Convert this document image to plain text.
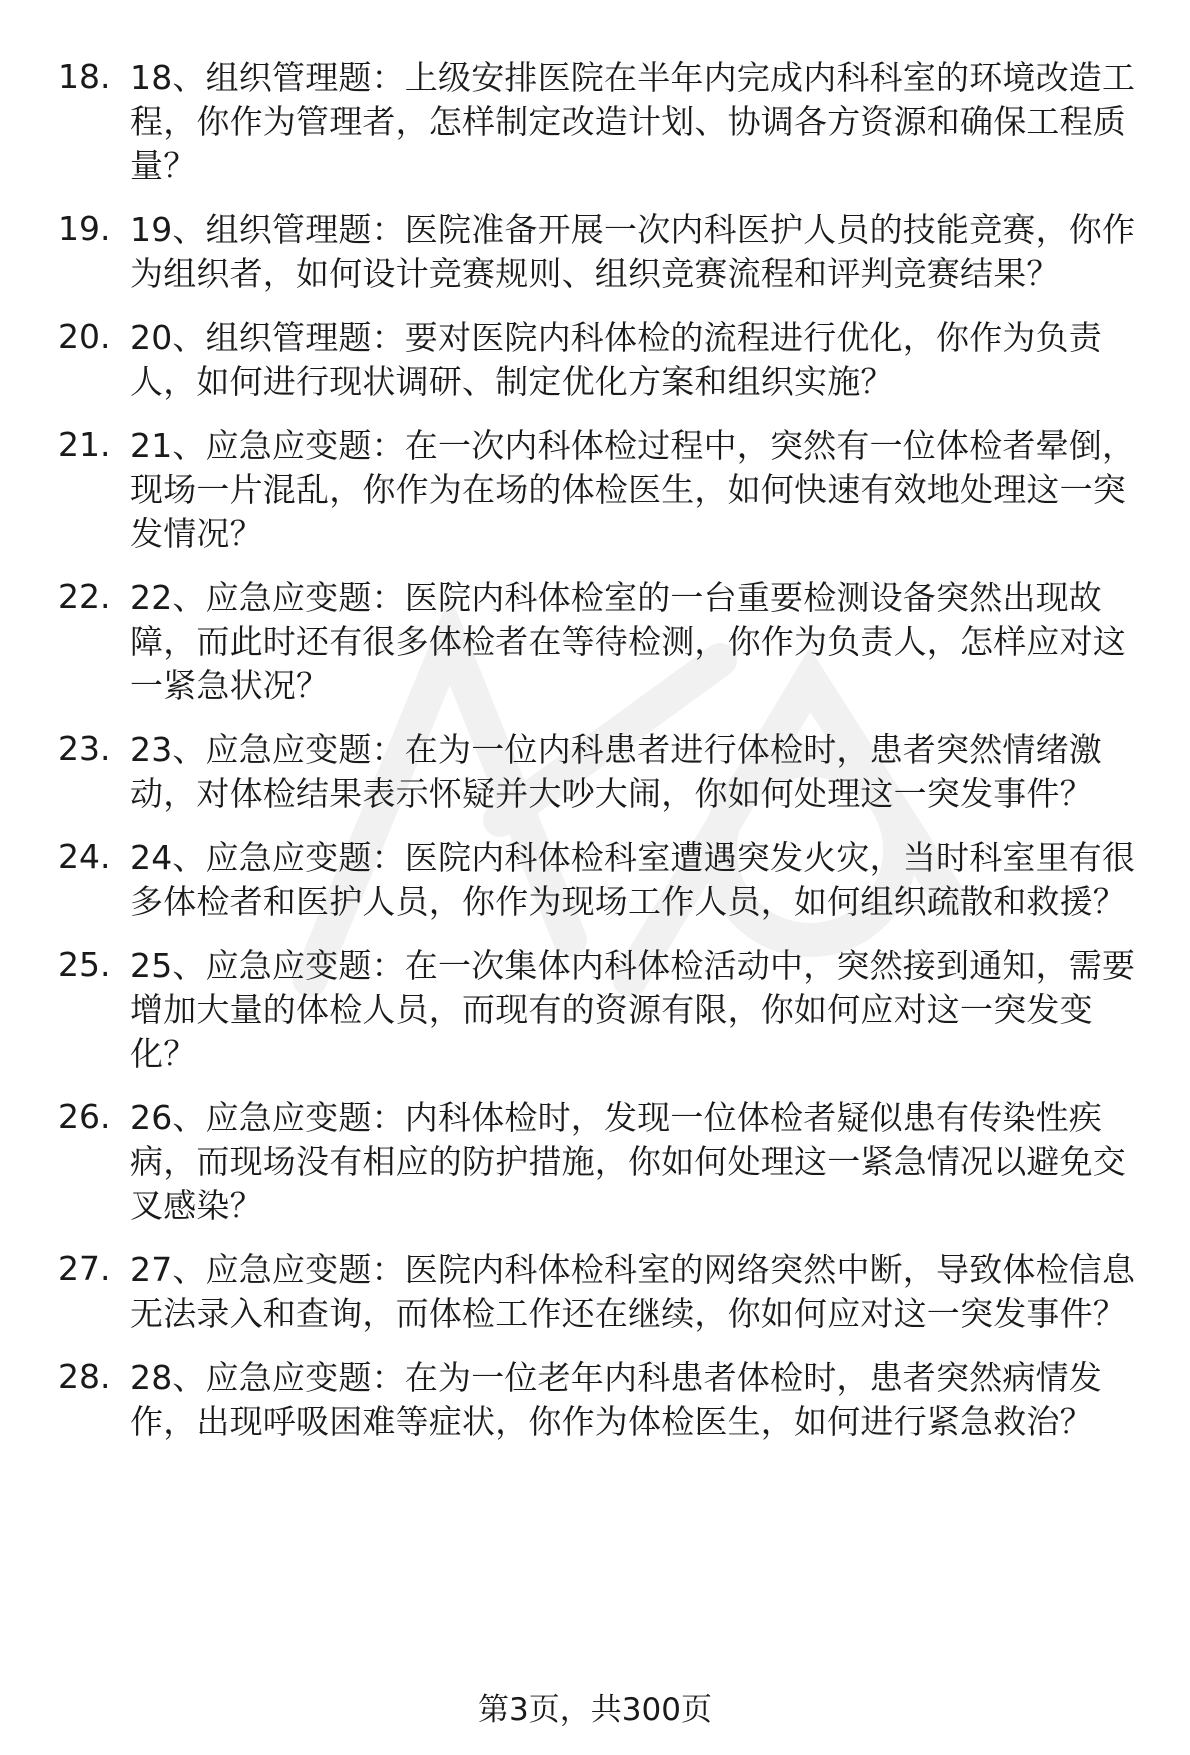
18. 18、组织管理题：上级安排医院在半年内完成内科科室的环境改造工程，你作为管理者，怎样制定改造计划、协调各方资源和确保工程质量？
19. 19、组织管理题：医院准备开展一次内科医护人员的技能竞赛，你作为组织者，如何设计竞赛规则、组织竞赛流程和评判竞赛结果？
20. 20、组织管理题：要对医院内科体检的流程进行优化，你作为负责人，如何进行现状调研、制定优化方案和组织实施？
21. 21、应急应变题：在一次内科体检过程中，突然有一位体检者晕倒，现场一片混乱，你作为在场的体检医生，如何快速有效地处理这一突发情况？
22. 22、应急应变题：医院内科体检室的一台重要检测设备突然出现故障，而此时还有很多体检者在等待检测，你作为负责人，怎样应对这一紧急状况？
23. 23、应急应变题：在为一位内科患者进行体检时，患者突然情绪激动，对体检结果表示怀疑并大吵大闹，你如何处理这一突发事件？
24. 24、应急应变题：医院内科体检科室遭遇突发火灾，当时科室里有很多体检者和医护人员，你作为现场工作人员，如何组织疏散和救援？
25. 25、应急应变题：在一次集体内科体检活动中，突然接到通知，需要增加大量的体检人员，而现有的资源有限，你如何应对这一突发变化？
26. 26、应急应变题：内科体检时，发现一位体检者疑似患有传染性疾病，而现场没有相应的防护措施，你如何处理这一紧急情况以避免交叉感染？
27. 27、应急应变题：医院内科体检科室的网络突然中断，导致体检信息无法录入和查询，而体检工作还在继续，你如何应对这一突发事件？
28. 28、应急应变题：在为一位老年内科患者体检时，患者突然病情发作，出现呼吸困难等症状，你作为体检医生，如何进行紧急救治？
第3页，共300页
